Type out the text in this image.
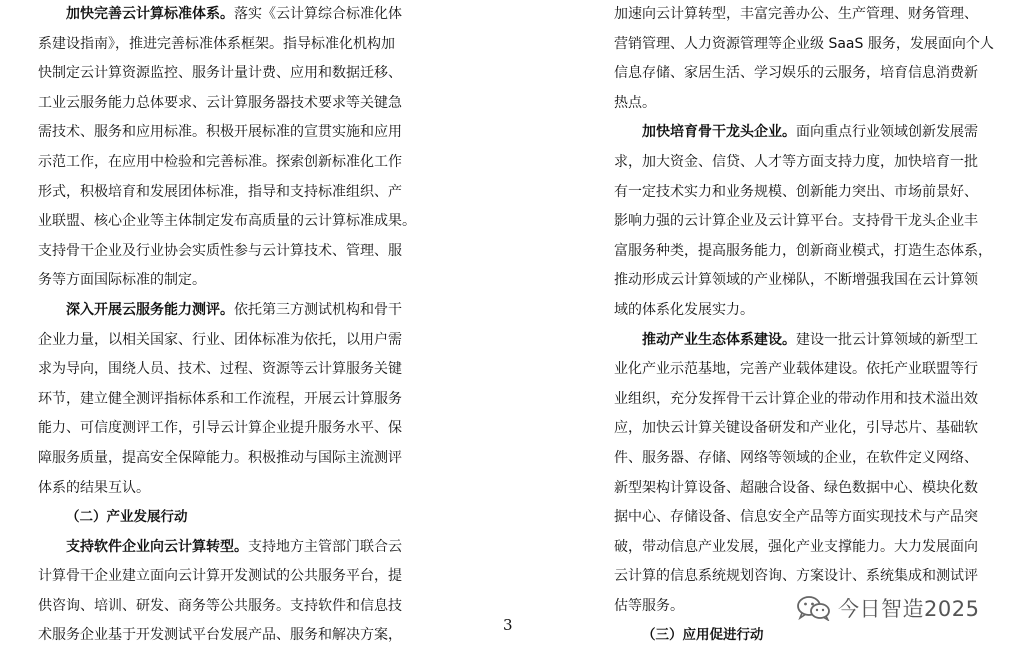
加快完善云计算标准体系。落实《云计算综合标准化体
系建设指南》，推进完善标准体系框架。指导标准化机构加
快制定云计算资源监控、服务计量计费、应用和数据迁移、
工业云服务能力总体要求、云计算服务器技术要求等关键急
需技术、服务和应用标准。积极开展标准的宣贯实施和应用
示范工作，在应用中检验和完善标准。探索创新标准化工作
形式，积极培育和发展团体标准，指导和支持标准组织、产
业联盟、核心企业等主体制定发布高质量的云计算标准成果。
支持骨干企业及行业协会实质性参与云计算技术、管理、服
务等方面国际标准的制定。

深入开展云服务能力测评。依托第三方测试机构和骨干
企业力量，以相关国家、行业、团体标准为依托，以用户需
求为导向，围绕人员、技术、过程、资源等云计算服务关键
环节，建立健全测评指标体系和工作流程，开展云计算服务
能力、可信度测评工作，引导云计算企业提升服务水平、保
障服务质量，提高安全保障能力。积极推动与国际主流测评
体系的结果互认。

（二）产业发展行动

支持软件企业向云计算转型。支持地方主管部门联合云
计算骨干企业建立面向云计算开发测试的公共服务平台，提
供咨询、培训、研发、商务等公共服务。支持软件和信息技
术服务企业基于开发测试平台发展产品、服务和解决方案，

加速向云计算转型，丰富完善办公、生产管理、财务管理、
营销管理、人力资源管理等企业级 SaaS 服务，发展面向个人
信息存储、家居生活、学习娱乐的云服务，培育信息消费新
热点。

加快培育骨干龙头企业。面向重点行业领域创新发展需
求，加大资金、信贷、人才等方面支持力度，加快培育一批
有一定技术实力和业务规模、创新能力突出、市场前景好、
影响力强的云计算企业及云计算平台。支持骨干龙头企业丰
富服务种类，提高服务能力，创新商业模式，打造生态体系，
推动形成云计算领域的产业梯队，不断增强我国在云计算领
域的体系化发展实力。

推动产业生态体系建设。建设一批云计算领域的新型工
业化产业示范基地，完善产业载体建设。依托产业联盟等行
业组织，充分发挥骨干云计算企业的带动作用和技术溢出效
应，加快云计算关键设备研发和产业化，引导芯片、基础软
件、服务器、存储、网络等领域的企业，在软件定义网络、
新型架构计算设备、超融合设备、绿色数据中心、模块化数
据中心、存储设备、信息安全产品等方面实现技术与产品突
破，带动信息产业发展，强化产业支撑能力。大力发展面向
云计算的信息系统规划咨询、方案设计、系统集成和测试评
估等服务。

（三）应用促进行动
3
今日智造2025
